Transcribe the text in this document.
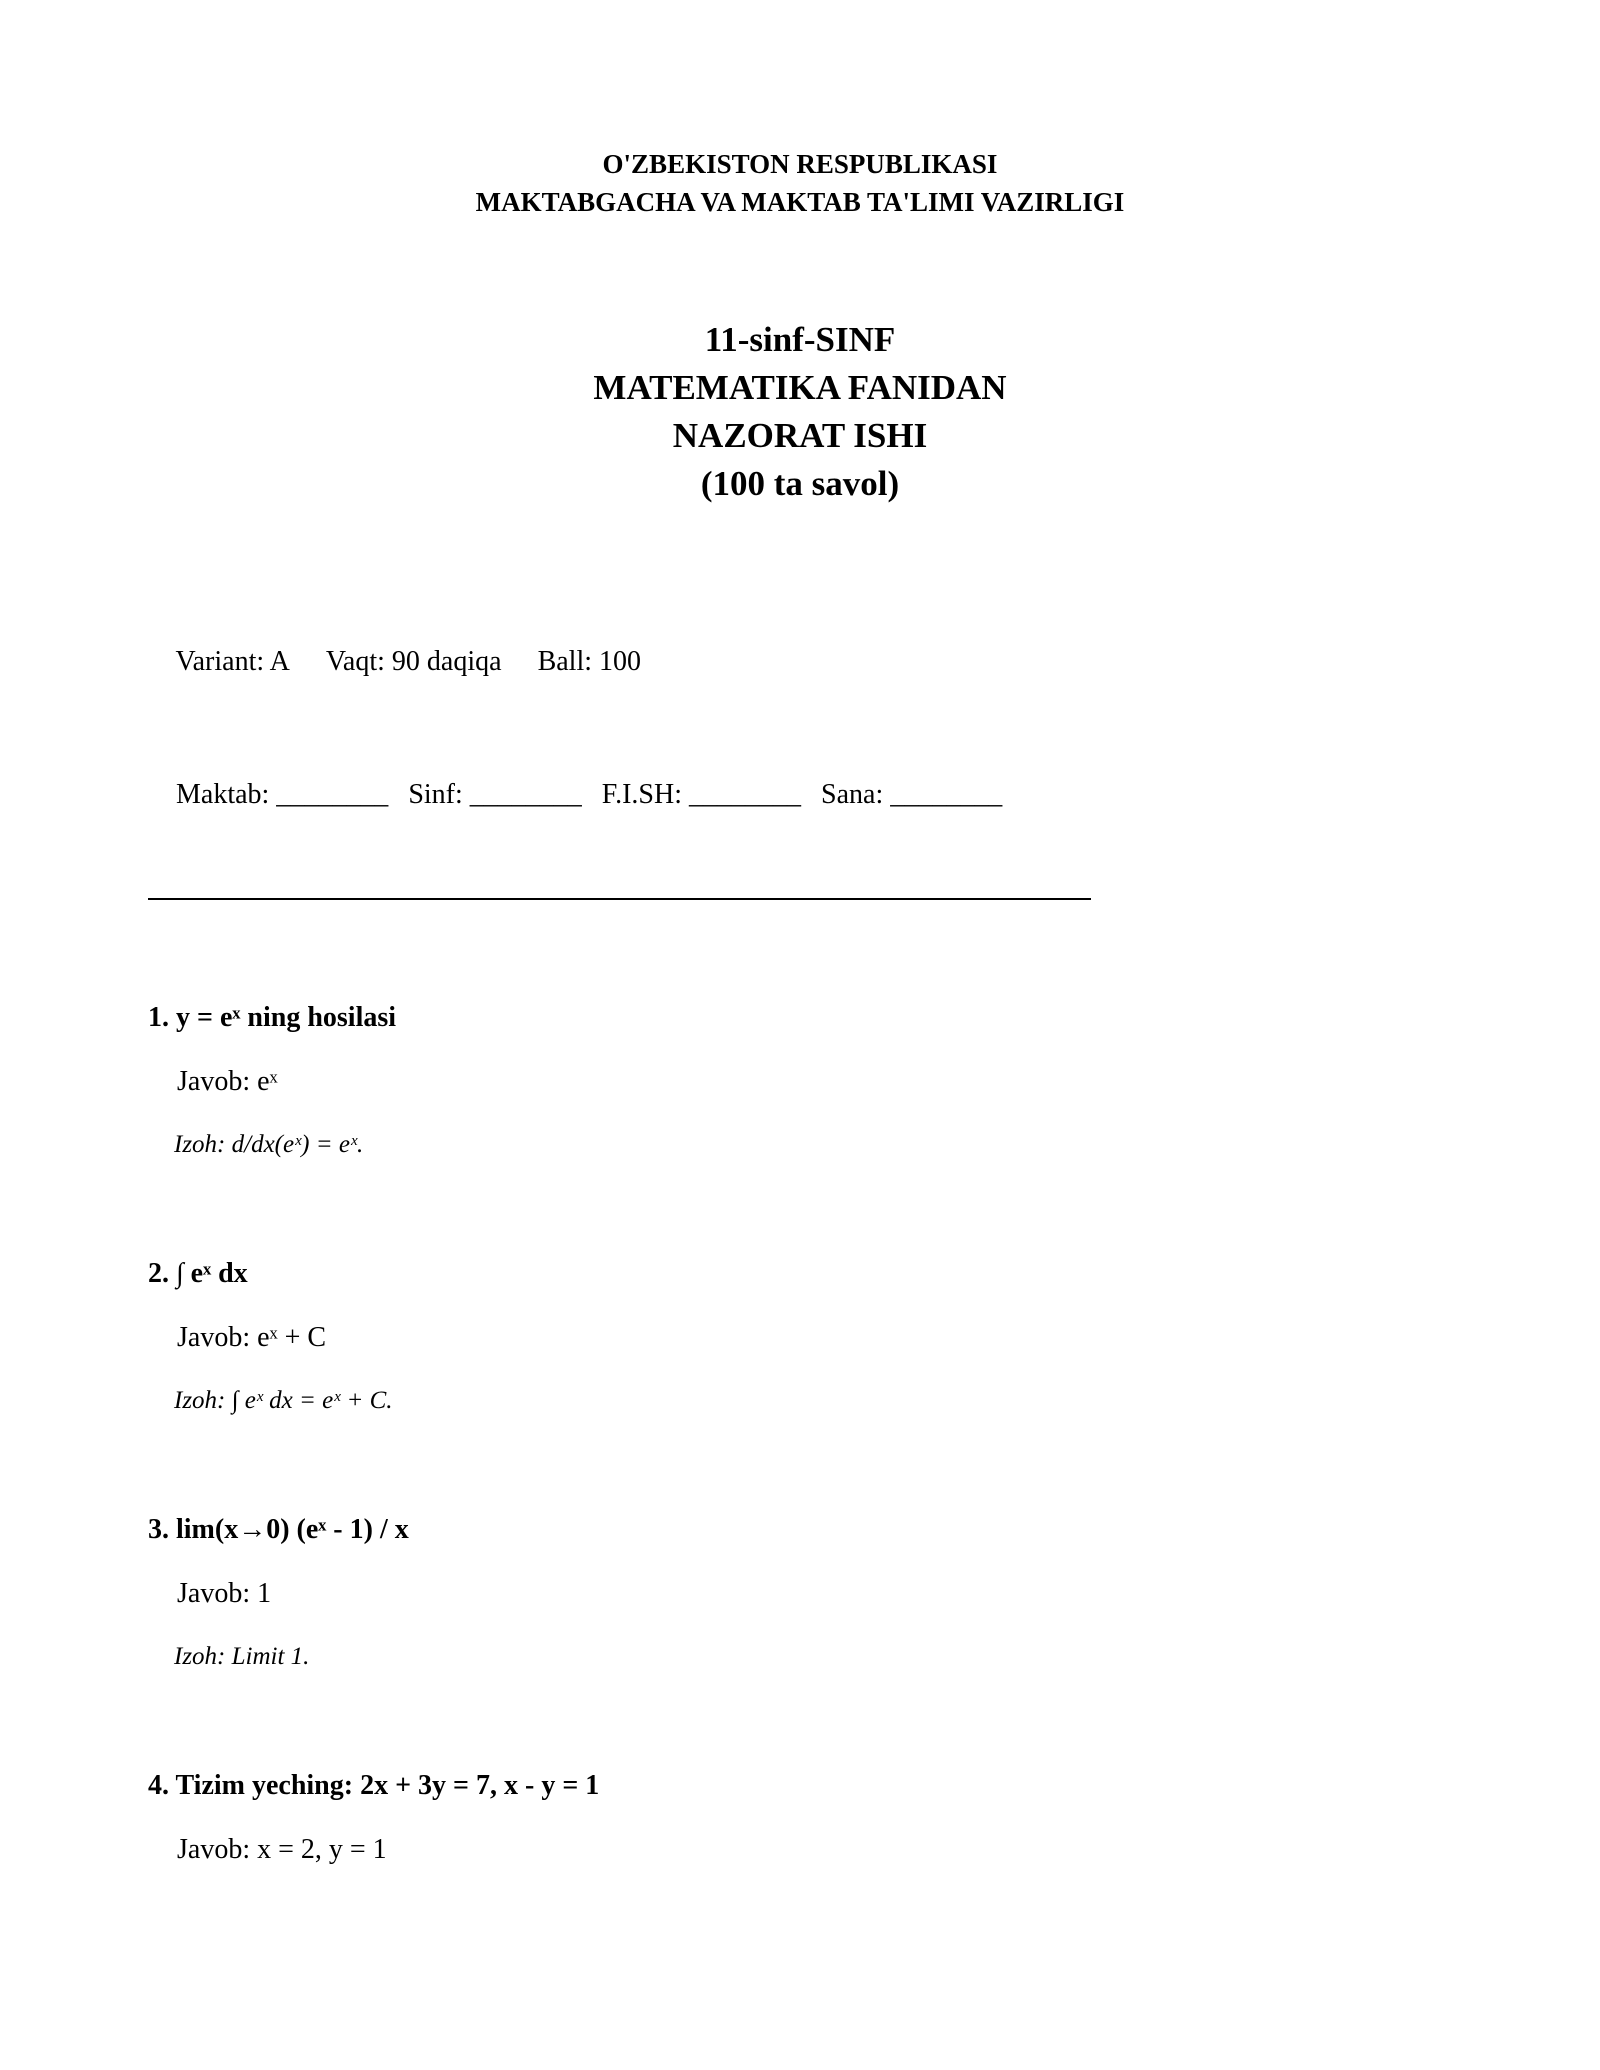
O'ZBEKISTON RESPUBLIKASI
MAKTABGACHA VA MAKTAB TA'LIMI VAZIRLIGI
11-sinf-SINF
MATEMATIKA FANIDAN
NAZORAT ISHI
(100 ta savol)

Variant: A Vaqt: 90 daqiqa Ball: 100

Maktab: ________ Sinf: ________ F.I.SH: ________ Sana: ________

1. y = eˣ ning hosilasi
Javob: eˣ
Izoh: d/dx(eˣ) = eˣ.
2. ∫ eˣ dx
Javob: eˣ + C
Izoh: ∫ eˣ dx = eˣ + C.
3. lim(x→0) (eˣ - 1) / x
Javob: 1
Izoh: Limit 1.
4. Tizim yeching: 2x + 3y = 7, x - y = 1
Javob: x = 2, y = 1
